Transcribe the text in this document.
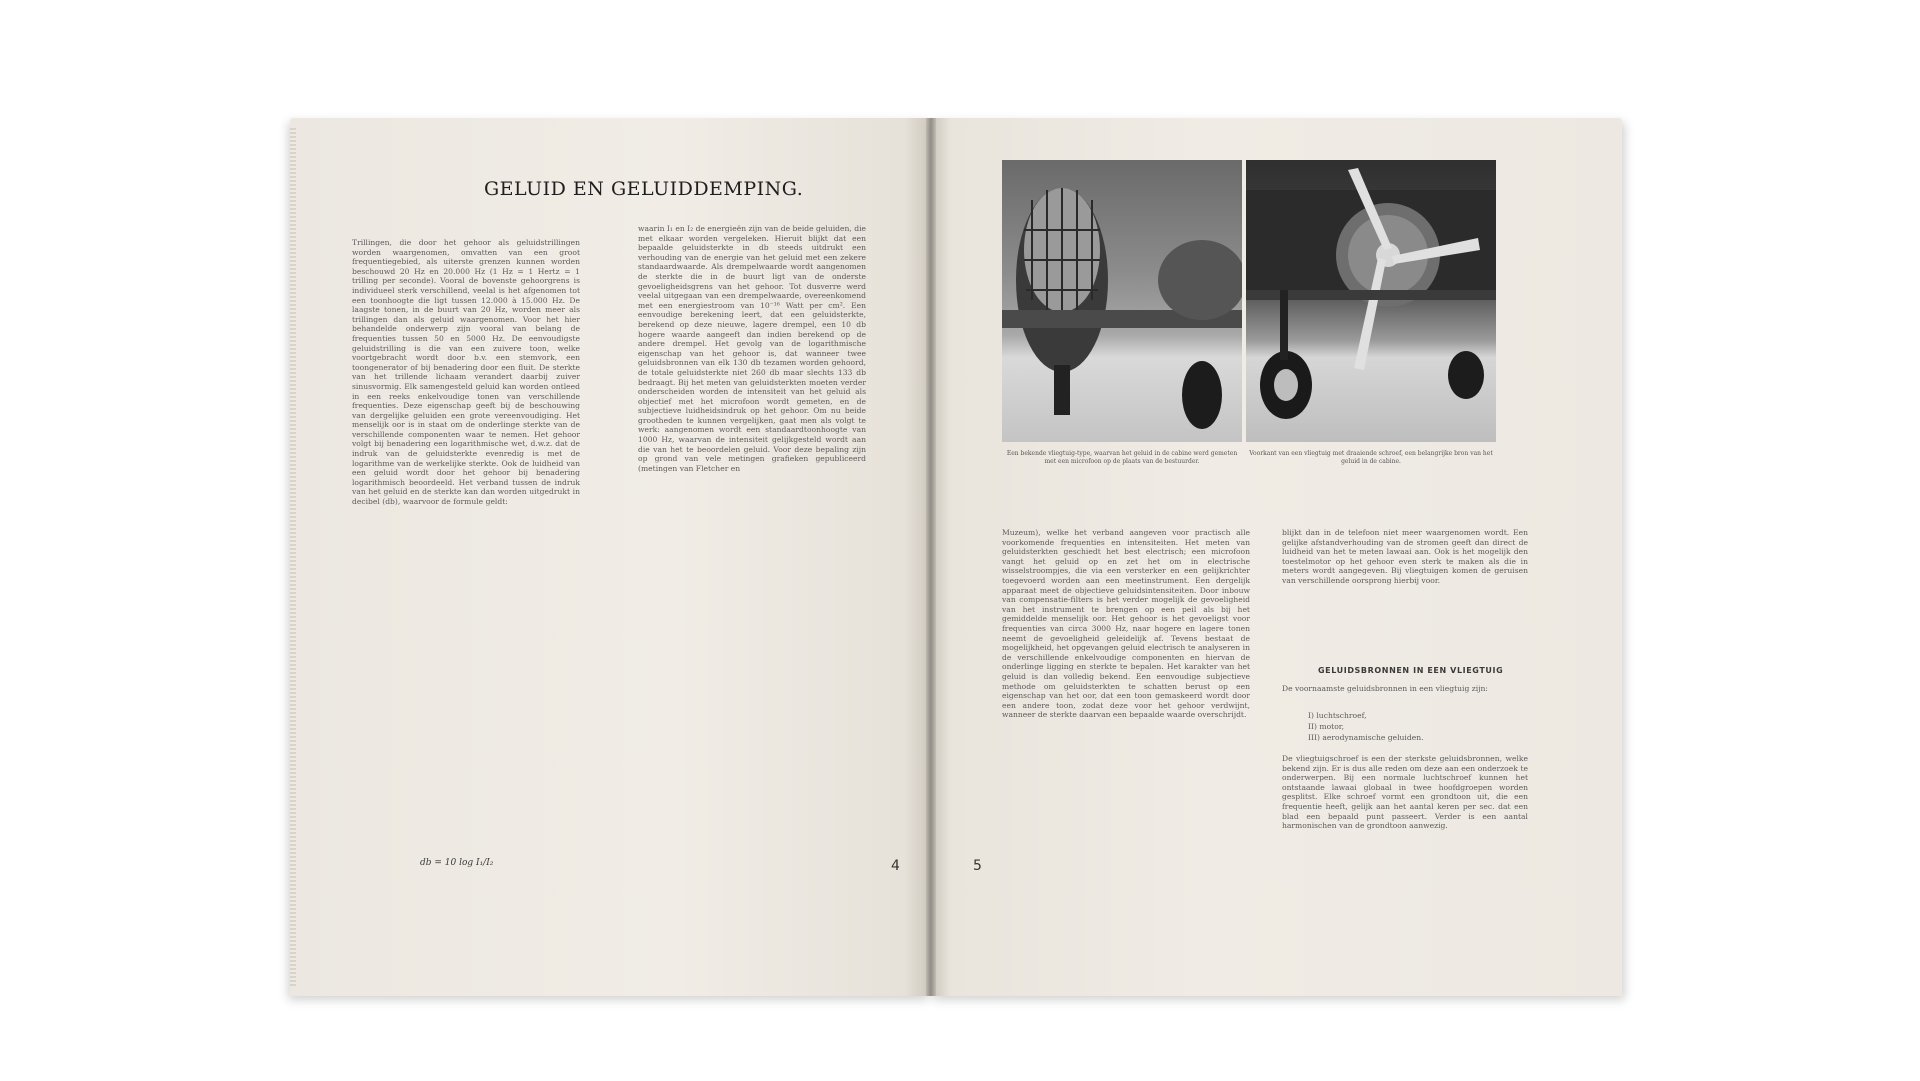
GELUID EN GELUIDDEMPING.
Trillingen, die door het gehoor als geluidstrillingen worden waargenomen, omvatten van een groot frequentiegebied, als uiterste grenzen kunnen worden beschouwd 20 Hz en 20.000 Hz (1 Hz = 1 Hertz = 1 trilling per seconde). Vooral de bovenste gehoorgrens is individueel sterk verschillend, veelal is het afgenomen tot een toonhoogte die ligt tussen 12.000 à 15.000 Hz. De laagste tonen, in de buurt van 20 Hz, worden meer als trillingen dan als geluid waargenomen. Voor het hier behandelde onderwerp zijn vooral van belang de frequenties tussen 50 en 5000 Hz. De eenvoudigste geluidstrilling is die van een zuivere toon, welke voortgebracht wordt door b.v. een stemvork, een toongenerator of bij benadering door een fluit. De sterkte van het trillende lichaam verandert daarbij zuiver sinusvormig. Elk samengesteld geluid kan worden ontleed in een reeks enkelvoudige tonen van verschillende frequenties. Deze eigenschap geeft bij de beschouwing van dergelijke geluiden een grote vereenvoudiging. Het menselijk oor is in staat om de onderlinge sterkte van de verschillende componenten waar te nemen. Het gehoor volgt bij benadering een logarithmische wet, d.w.z. dat de indruk van de geluidsterkte evenredig is met de logarithme van de werkelijke sterkte. Ook de luidheid van een geluid wordt door het gehoor bij benadering logarithmisch beoordeeld. Het verband tussen de indruk van het geluid en de sterkte kan dan worden uitgedrukt in decibel (db), waarvoor de formule geldt:
waarin I₁ en I₂ de energieën zijn van de beide geluiden, die met elkaar worden vergeleken. Hieruit blijkt dat een bepaalde geluidsterkte in db steeds uitdrukt een verhouding van de energie van het geluid met een zekere standaardwaarde. Als drempelwaarde wordt aangenomen de sterkte die in de buurt ligt van de onderste gevoeligheidsgrens van het gehoor. Tot dusverre werd veelal uitgegaan van een drempelwaarde, overeenkomend met een energiestroom van 10⁻¹⁶ Watt per cm². Een eenvoudige berekening leert, dat een geluidsterkte, berekend op deze nieuwe, lagere drempel, een 10 db hogere waarde aangeeft dan indien berekend op de andere drempel. Het gevolg van de logarithmische eigenschap van het gehoor is, dat wanneer twee geluidsbronnen van elk 130 db tezamen worden gehoord, de totale geluidsterkte niet 260 db maar slechts 133 db bedraagt. Bij het meten van geluidsterkten moeten verder onderscheiden worden de intensiteit van het geluid als objectief met het microfoon wordt gemeten, en de subjectieve luidheidsindruk op het gehoor. Om nu beide grootheden te kunnen vergelijken, gaat men als volgt te werk: aangenomen wordt een standaardtoonhoogte van 1000 Hz, waarvan de intensiteit gelijkgesteld wordt aan die van het te beoordelen geluid. Voor deze bepaling zijn op grond van vele metingen grafieken gepubliceerd (metingen van Fletcher en
db = 10 log I₁/I₂	4
Een bekende vliegtuig-type, waarvan het geluid in de cabine werd gemeten met een microfoon op de plaats van de bestuurder.
Voorkant van een vliegtuig met draaiende schroef, een belangrijke bron van het geluid in de cabine.
Muzeum), welke het verband aangeven voor practisch alle voorkomende frequenties en intensiteiten. Het meten van geluidsterkten geschiedt het best electrisch; een microfoon vangt het geluid op en zet het om in electrische wisselstroompjes, die via een versterker en een gelijkrichter toegevoerd worden aan een meetinstrument. Een dergelijk apparaat meet de objectieve geluidsintensiteiten. Door inbouw van compensatie-filters is het verder mogelijk de gevoeligheid van het instrument te brengen op een peil als bij het gemiddelde menselijk oor. Het gehoor is het gevoeligst voor frequenties van circa 3000 Hz, naar hogere en lagere tonen neemt de gevoeligheid geleidelijk af. Tevens bestaat de mogelijkheid, het opgevangen geluid electrisch te analyseren in de verschillende enkelvoudige componenten en hiervan de onderlinge ligging en sterkte te bepalen. Het karakter van het geluid is dan volledig bekend. Een eenvoudige subjectieve methode om geluidsterkten te schatten berust op een eigenschap van het oor, dat een toon gemaskeerd wordt door een andere toon, zodat deze voor het gehoor verdwijnt, wanneer de sterkte daarvan een bepaalde waarde overschrijdt.
blijkt dan in de telefoon niet meer waargenomen wordt. Een gelijke afstandverhouding van de stromen geeft dan direct de luidheid van het te meten lawaai aan. Ook is het mogelijk den toestelmotor op het gehoor even sterk te maken als die in meters wordt aangegeven. Bij vliegtuigen komen de geruisen van verschillende oorsprong hierbij voor.
GELUIDSBRONNEN IN EEN VLIEGTUIG
De voornaamste geluidsbronnen in een vliegtuig zijn:
I) luchtschroef,
II) motor,
III) aerodynamische geluiden.
De vliegtuigschroef is een der sterkste geluidsbronnen, welke bekend zijn. Er is dus alle reden om deze aan een onderzoek te onderwerpen. Bij een normale luchtschroef kunnen het ontstaande lawaai globaal in twee hoofdgroepen worden gesplitst. Elke schroef vormt een grondtoon uit, die een frequentie heeft, gelijk aan het aantal keren per sec. dat een blad een bepaald punt passeert. Verder is een aantal harmonischen van de grondtoon aanwezig.
5
